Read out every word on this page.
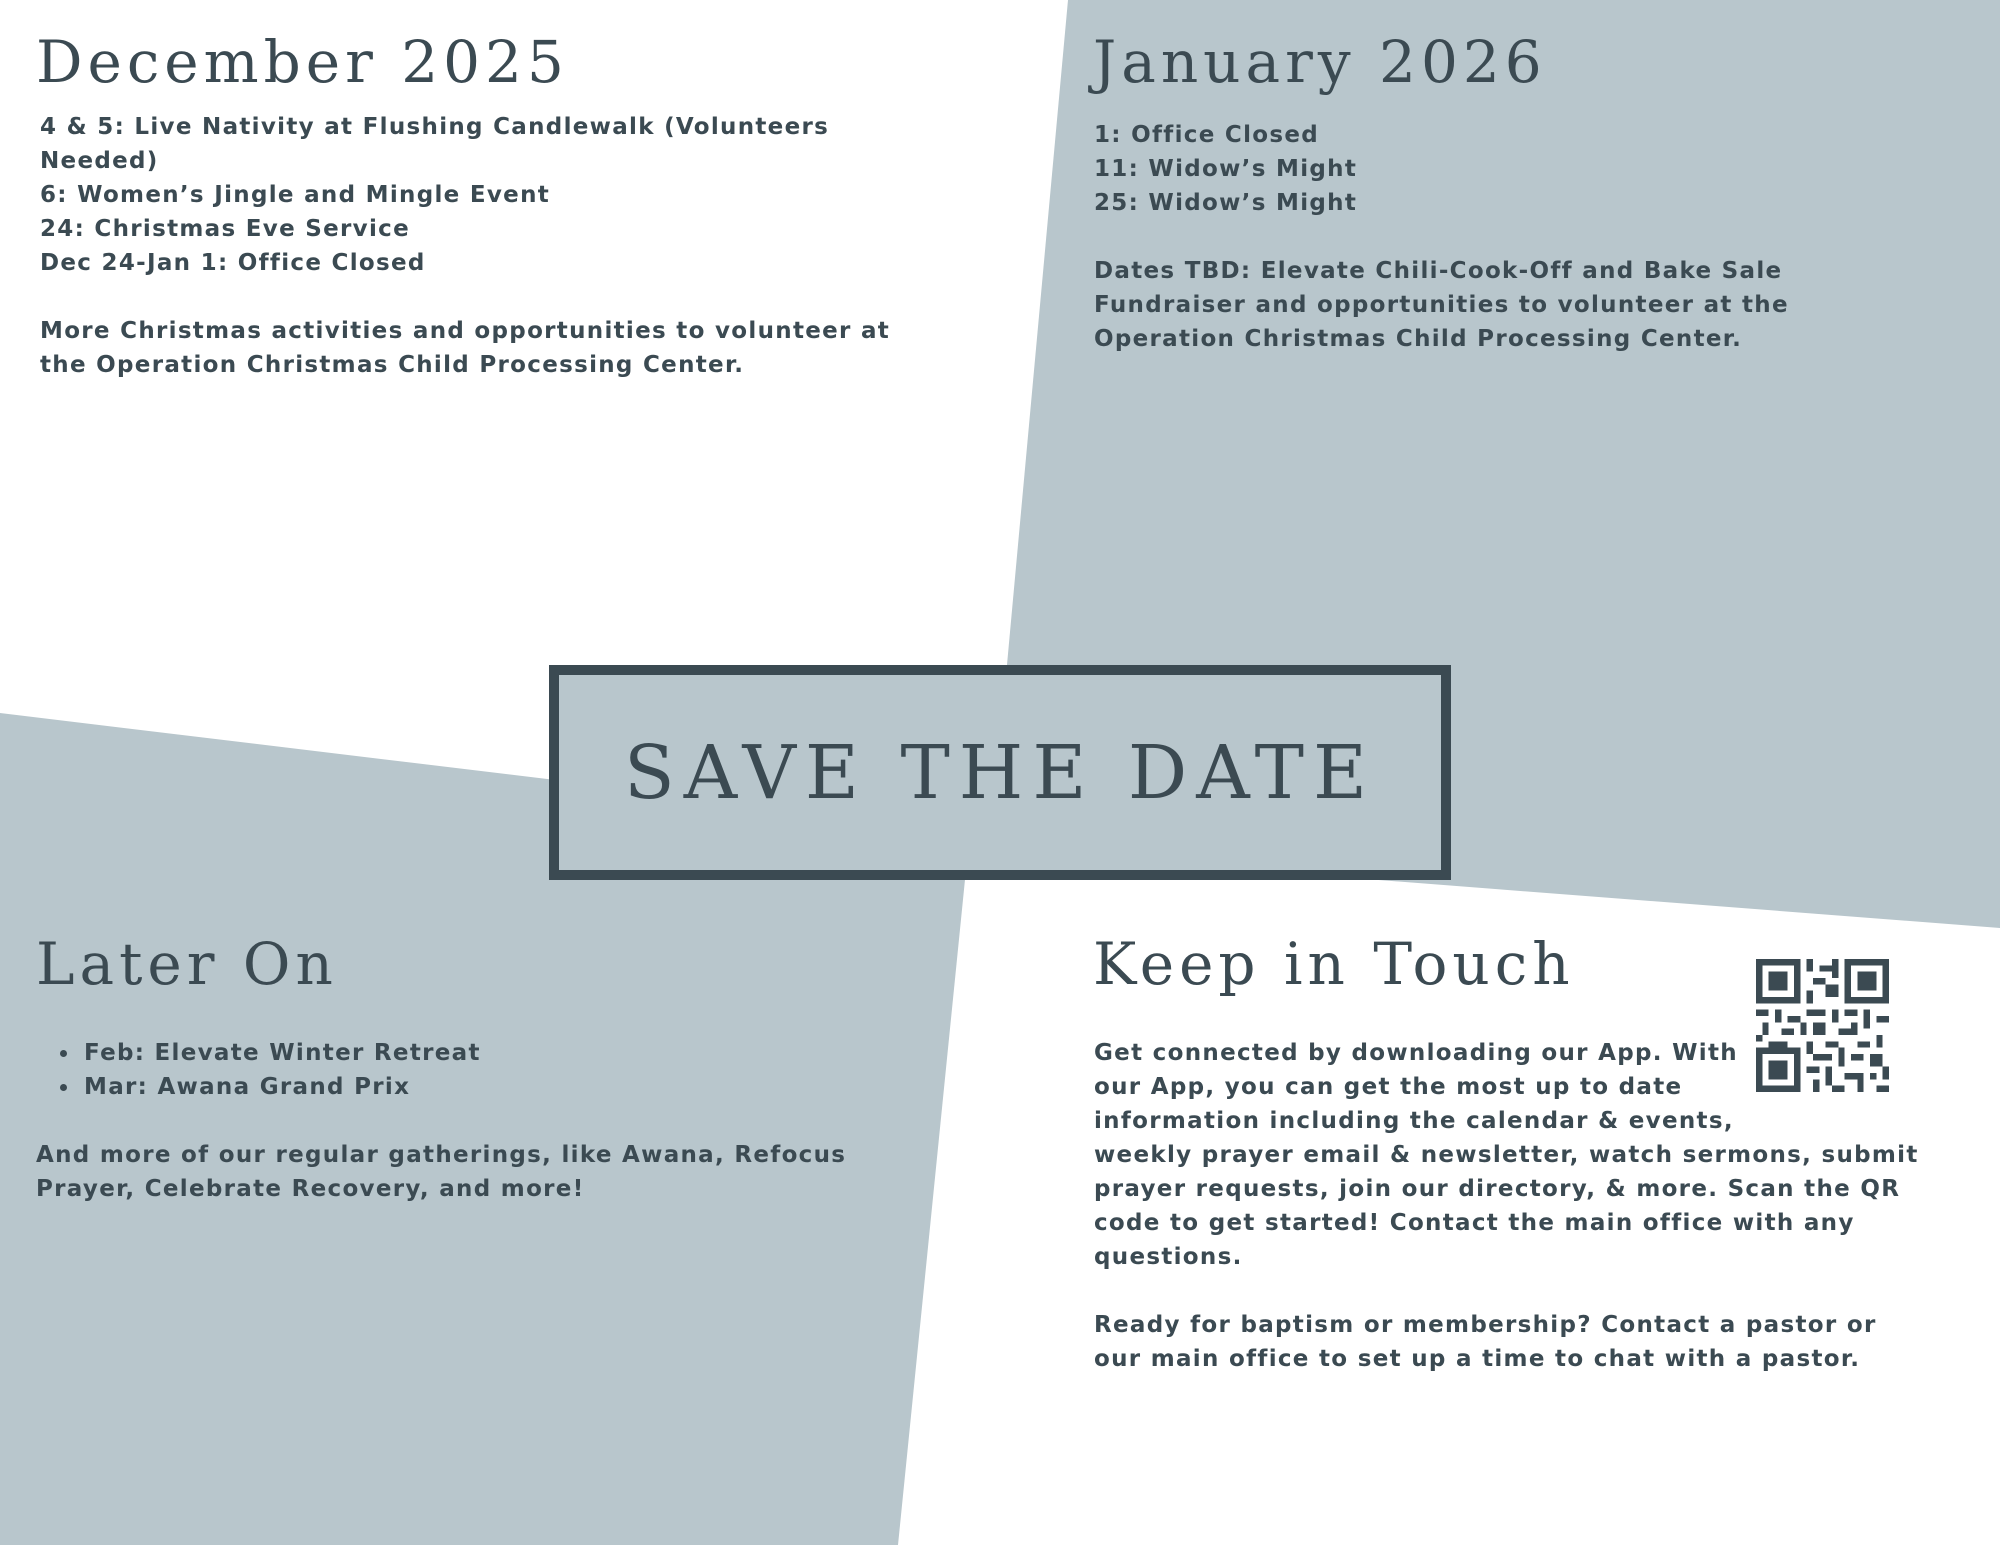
December 2025
4 & 5: Live Nativity at Flushing Candlewalk (Volunteers Needed)
6: Women’s Jingle and Mingle Event
24: Christmas Eve Service
Dec 24-Jan 1: Office Closed
More Christmas activities and opportunities to volunteer at the Operation Christmas Child Processing Center.
January 2026
1: Office Closed
11: Widow’s Might
25: Widow’s Might
Dates TBD: Elevate Chili-Cook-Off and Bake Sale Fundraiser and opportunities to volunteer at the Operation Christmas Child Processing Center.
SAVE THE DATE
Later On
• Feb: Elevate Winter Retreat
• Mar: Awana Grand Prix
And more of our regular gatherings, like Awana, Refocus Prayer, Celebrate Recovery, and more!
Keep in Touch
Get connected by downloading our App. With our App, you can get the most up to date information including the calendar & events, weekly prayer email & newsletter, watch sermons, submit prayer requests, join our directory, & more. Scan the QR code to get started! Contact the main office with any questions.
Ready for baptism or membership? Contact a pastor or our main office to set up a time to chat with a pastor.
